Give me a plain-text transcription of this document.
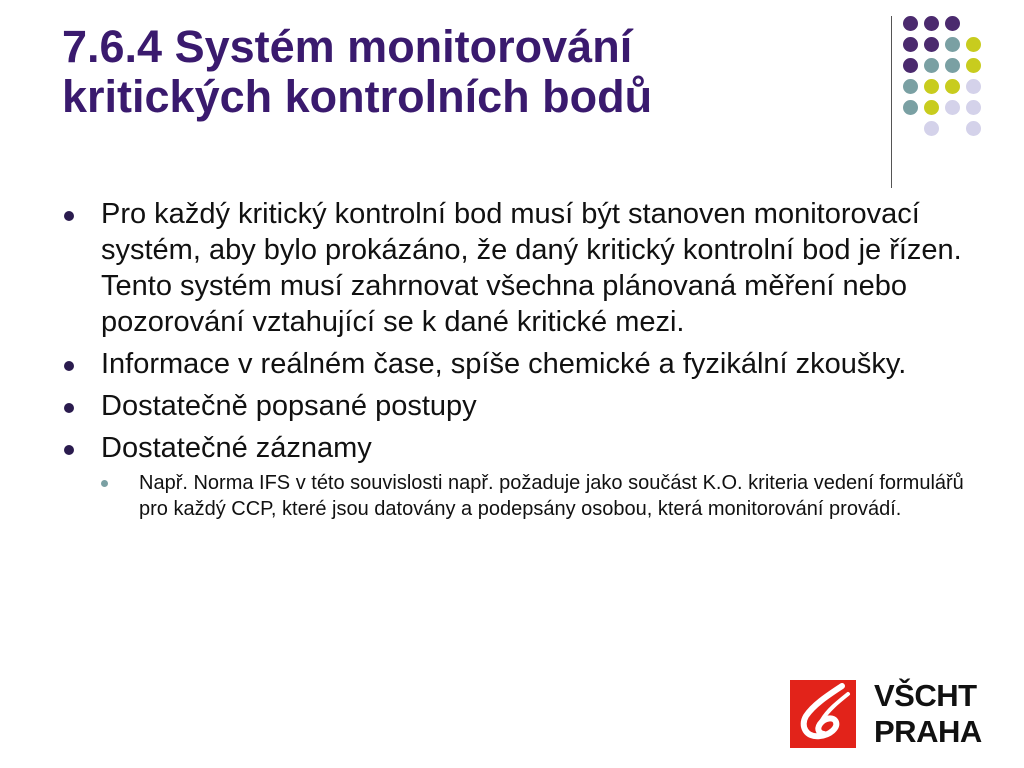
7.6.4 Systém monitorování
kritických kontrolních bodů
Pro každý kritický kontrolní bod musí být stanoven monitorovací systém, aby bylo prokázáno, že daný kritický kontrolní bod je řízen. Tento systém musí zahrnovat všechna plánovaná měření nebo pozorování vztahující se k dané kritické mezi.
Informace v reálném čase, spíše chemické a fyzikální zkoušky.
Dostatečně popsané postupy
Dostatečné záznamy
Např. Norma IFS v této souvislosti např. požaduje jako součást K.O. kriteria vedení formulářů pro každý CCP, které jsou datovány a podepsány osobou, která monitorování provádí.
VŠCHT
PRAHA
